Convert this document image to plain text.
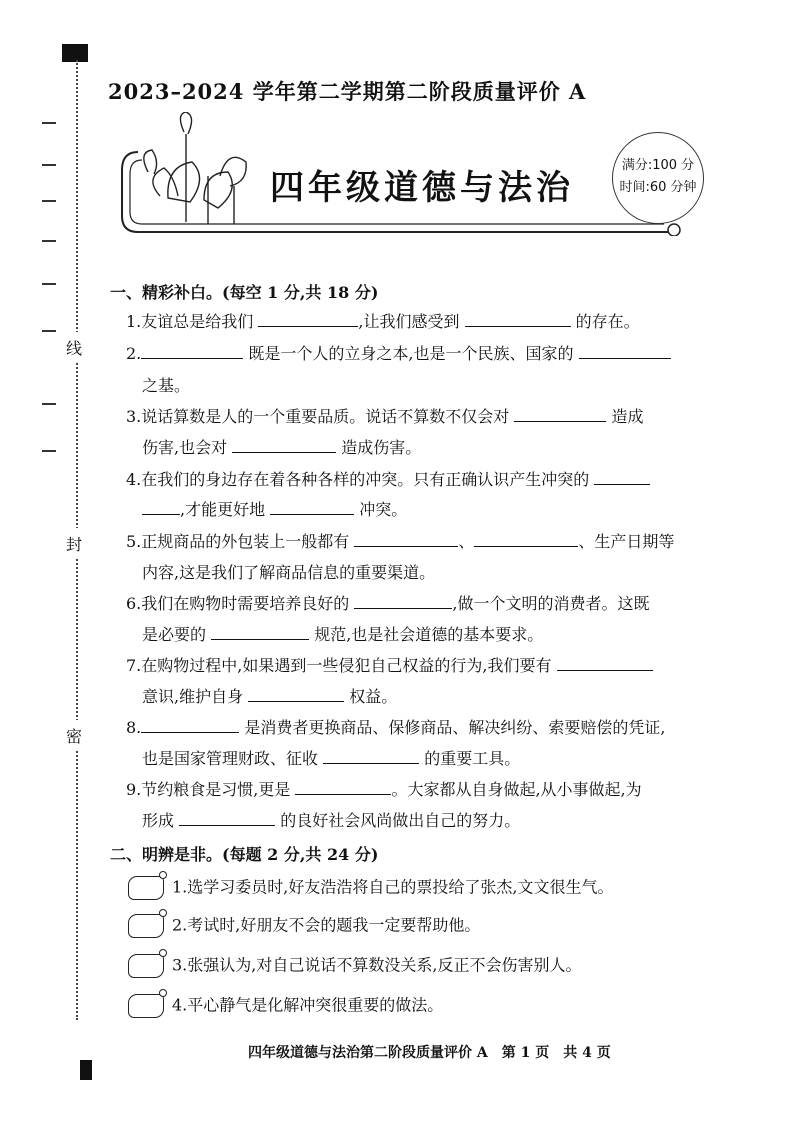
线
封
密
2023–2024 学年第二学期第二阶段质量评价 A
四年级道德与法治
满分:100 分
时间:60 分钟
一、精彩补白。(每空 1 分,共 18 分)
1.友谊总是给我们	,让我们感受到	的存在。
2.	既是一个人的立身之本,也是一个民族、国家的
之基。
3.说话算数是人的一个重要品质。说话不算数不仅会对	造成
伤害,也会对	造成伤害。
4.在我们的身边存在着各种各样的冲突。只有正确认识产生冲突的
,才能更好地	冲突。
5.正规商品的外包装上一般都有	、	、生产日期等
内容,这是我们了解商品信息的重要渠道。
6.我们在购物时需要培养良好的	,做一个文明的消费者。这既
是必要的	规范,也是社会道德的基本要求。
7.在购物过程中,如果遇到一些侵犯自己权益的行为,我们要有
意识,维护自身	权益。
8.	是消费者更换商品、保修商品、解决纠纷、索要赔偿的凭证,
也是国家管理财政、征收	的重要工具。
9.节约粮食是习惯,更是	。大家都从自身做起,从小事做起,为
形成	的良好社会风尚做出自己的努力。
二、明辨是非。(每题 2 分,共 24 分)
1.选学习委员时,好友浩浩将自己的票投给了张杰,文文很生气。
2.考试时,好朋友不会的题我一定要帮助他。
3.张强认为,对自己说话不算数没关系,反正不会伤害别人。
4.平心静气是化解冲突很重要的做法。
四年级道德与法治第二阶段质量评价 A　第 1 页　共 4 页
